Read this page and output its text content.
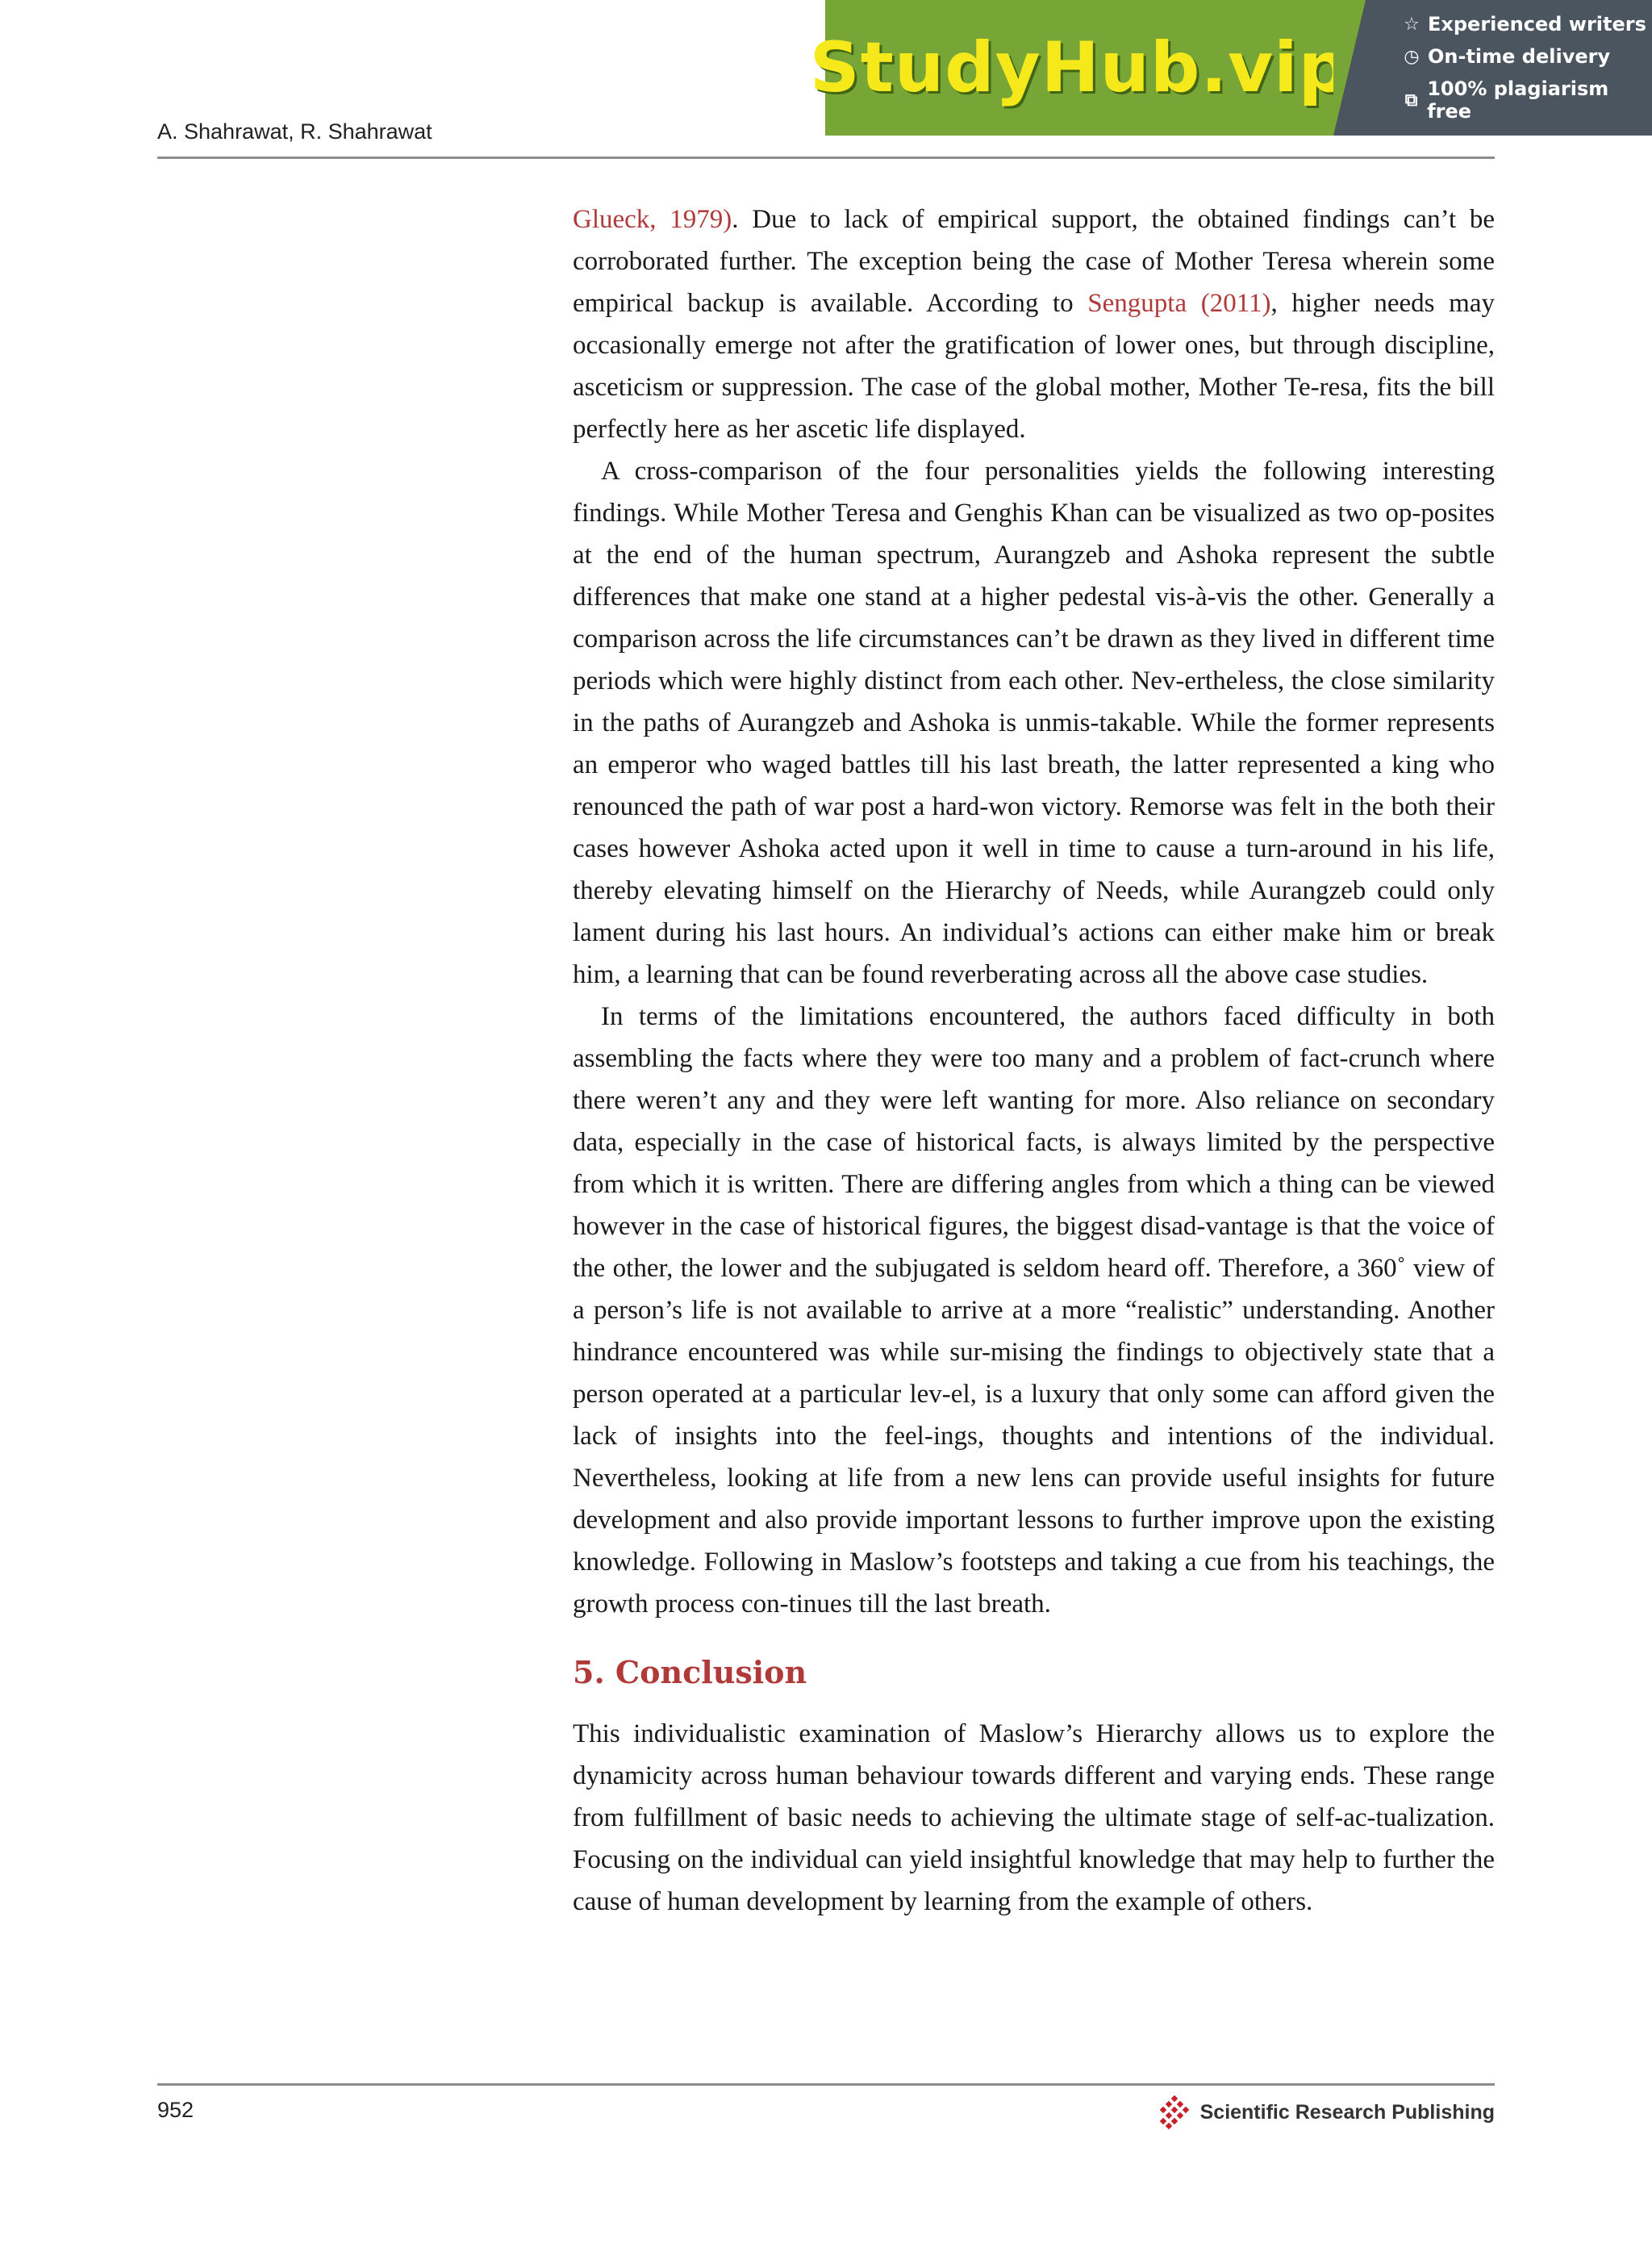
A. Shahrawat, R. Shahrawat
StudyHub.vip
☆ Experienced writers
◷ On-time delivery
⧉ 100% plagiarism free

Glueck, 1979). Due to lack of empirical support, the obtained findings can’t be corroborated further. The exception being the case of Mother Teresa wherein some empirical backup is available. According to Sengupta (2011), higher needs may occasionally emerge not after the gratification of lower ones, but through discipline, asceticism or suppression. The case of the global mother, Mother Te-resa, fits the bill perfectly here as her ascetic life displayed.

A cross-comparison of the four personalities yields the following interesting findings. While Mother Teresa and Genghis Khan can be visualized as two op-posites at the end of the human spectrum, Aurangzeb and Ashoka represent the subtle differences that make one stand at a higher pedestal vis-à-vis the other. Generally a comparison across the life circumstances can’t be drawn as they lived in different time periods which were highly distinct from each other. Nev-ertheless, the close similarity in the paths of Aurangzeb and Ashoka is unmis-takable. While the former represents an emperor who waged battles till his last breath, the latter represented a king who renounced the path of war post a hard-won victory. Remorse was felt in the both their cases however Ashoka acted upon it well in time to cause a turn-around in his life, thereby elevating himself on the Hierarchy of Needs, while Aurangzeb could only lament during his last hours. An individual’s actions can either make him or break him, a learning that can be found reverberating across all the above case studies.

In terms of the limitations encountered, the authors faced difficulty in both assembling the facts where they were too many and a problem of fact-crunch where there weren’t any and they were left wanting for more. Also reliance on secondary data, especially in the case of historical facts, is always limited by the perspective from which it is written. There are differing angles from which a thing can be viewed however in the case of historical figures, the biggest disad-vantage is that the voice of the other, the lower and the subjugated is seldom heard off. Therefore, a 360˚ view of a person’s life is not available to arrive at a more “realistic” understanding. Another hindrance encountered was while sur-mising the findings to objectively state that a person operated at a particular lev-el, is a luxury that only some can afford given the lack of insights into the feel-ings, thoughts and intentions of the individual. Nevertheless, looking at life from a new lens can provide useful insights for future development and also provide important lessons to further improve upon the existing knowledge. Following in Maslow’s footsteps and taking a cue from his teachings, the growth process con-tinues till the last breath.

5. Conclusion

This individualistic examination of Maslow’s Hierarchy allows us to explore the dynamicity across human behaviour towards different and varying ends. These range from fulfillment of basic needs to achieving the ultimate stage of self-ac-tualization. Focusing on the individual can yield insightful knowledge that may help to further the cause of human development by learning from the example of others.

952	Scientific Research Publishing
